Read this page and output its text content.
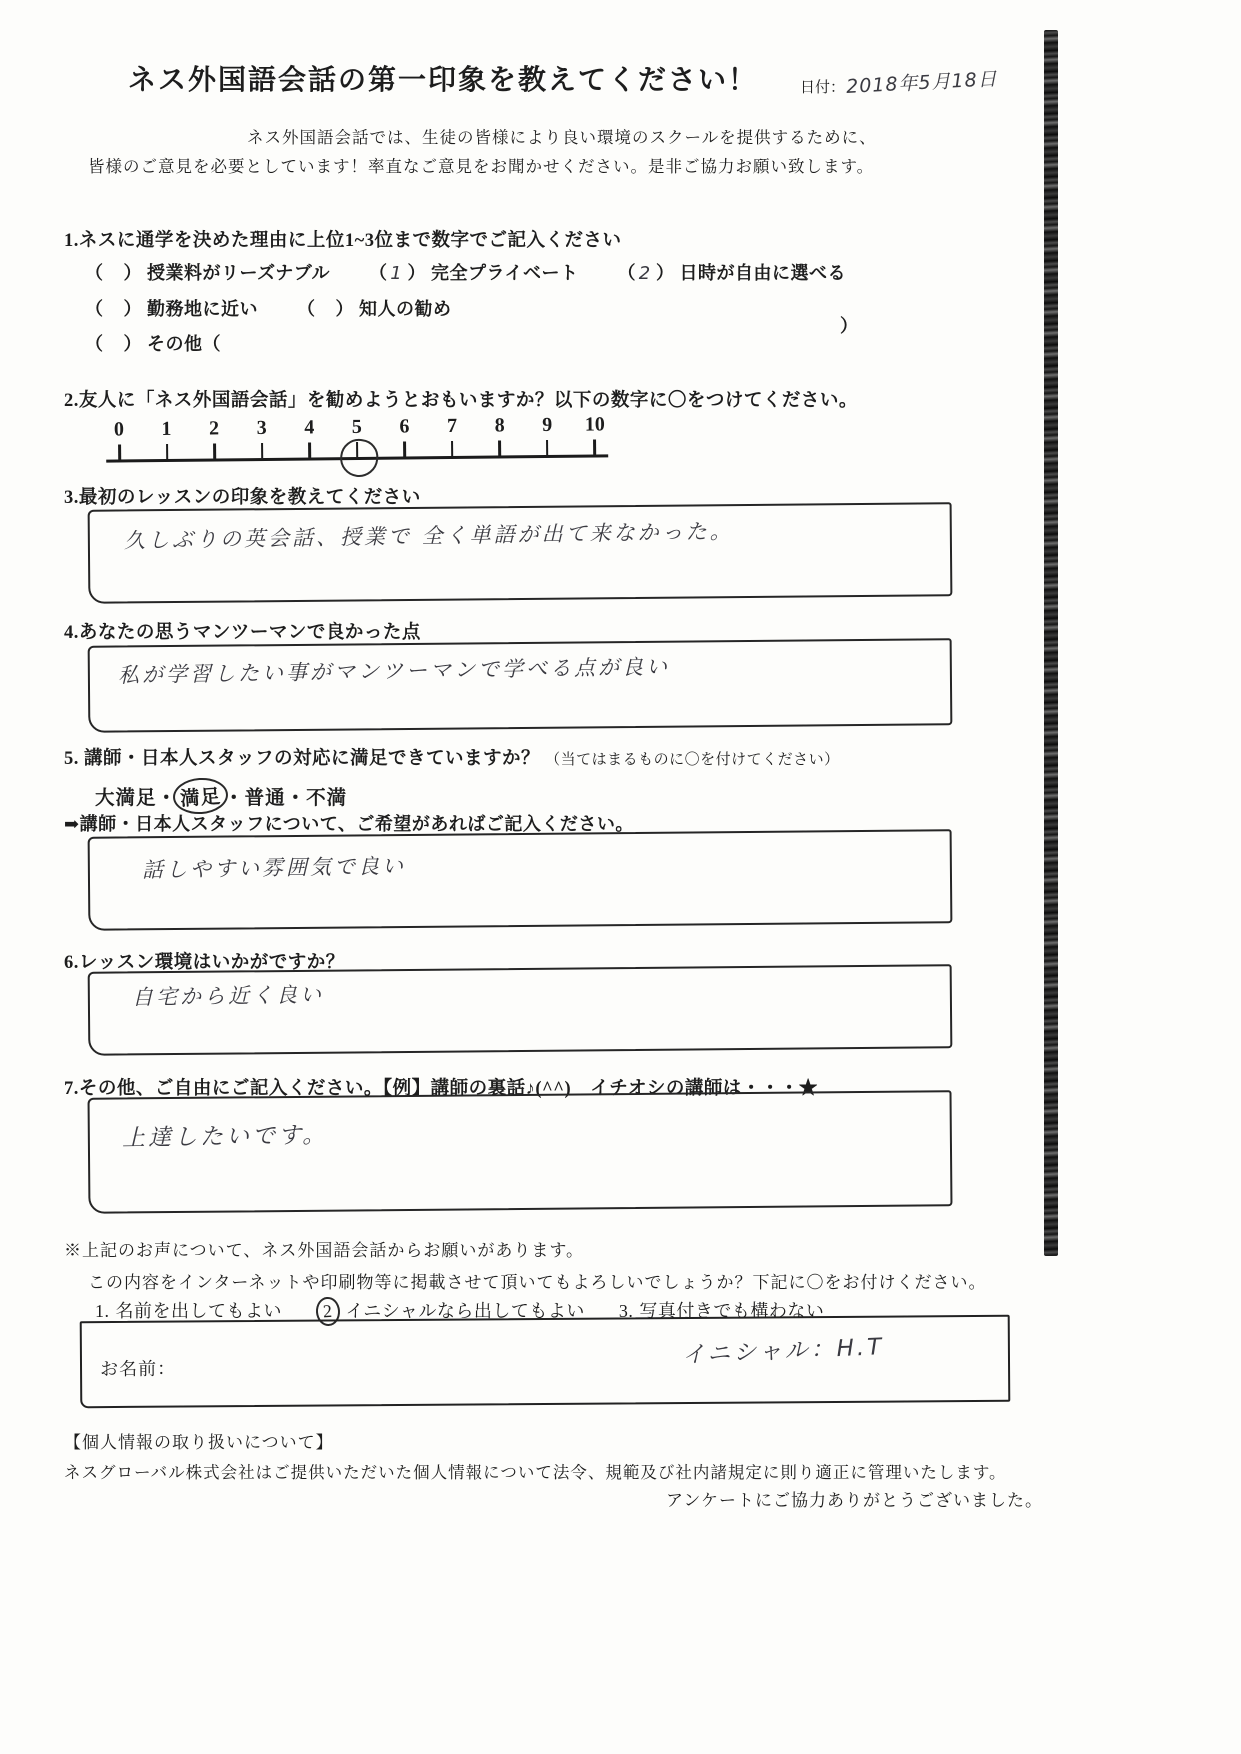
ネス外国語会話の第一印象を教えてください！	日付： 2018年5月18日
ネス外国語会話では、生徒の皆様により良い環境のスクールを提供するために、
皆様のご意見を必要としています！率直なご意見をお聞かせください。是非ご協力お願い致します。
1.ネスに通学を決めた理由に上位1~3位まで数字でご記入ください
（ ） 授業料がリーズナブル （ 1 ） 完全プライベート （ 2 ） 日時が自由に選べる
（ ） 勤務地に近い （ ） 知人の勧め
（ ） その他（
）
2.友人に「ネス外国語会話」を勧めようとおもいますか？以下の数字に〇をつけてください。
0	1	2	3	4	5	6	7	8	9	10
3.最初のレッスンの印象を教えてください
久しぶりの英会話、授業で 全く単語が出て来なかった。
4.あなたの思うマンツーマンで良かった点
私が学習したい事がマンツーマンで学べる点が良い
5. 講師・日本人スタッフの対応に満足できていますか？ （当てはまるものに〇を付けてください）
大満足・ 満足 ・普通・不満
➡講師・日本人スタッフについて、ご希望があればご記入ください。
話しやすい雰囲気で良い
6.レッスン環境はいかがですか？
自宅から近く良い
7.その他、ご自由にご記入ください。【例】講師の裏話♪(^^)　イチオシの講師は・・・★
上達したいです。
※上記のお声について、ネス外国語会話からお願いがあります。
この内容をインターネットや印刷物等に掲載させて頂いてもよろしいでしょうか？下記に〇をお付けください。
1. 名前を出してもよい 2 イニシャルなら出してもよい 3. 写真付きでも構わない
お名前：
イニシャル：H.T
【個人情報の取り扱いについて】
ネスグローバル株式会社はご提供いただいた個人情報について法令、規範及び社内諸規定に則り適正に管理いたします。
アンケートにご協力ありがとうございました。
